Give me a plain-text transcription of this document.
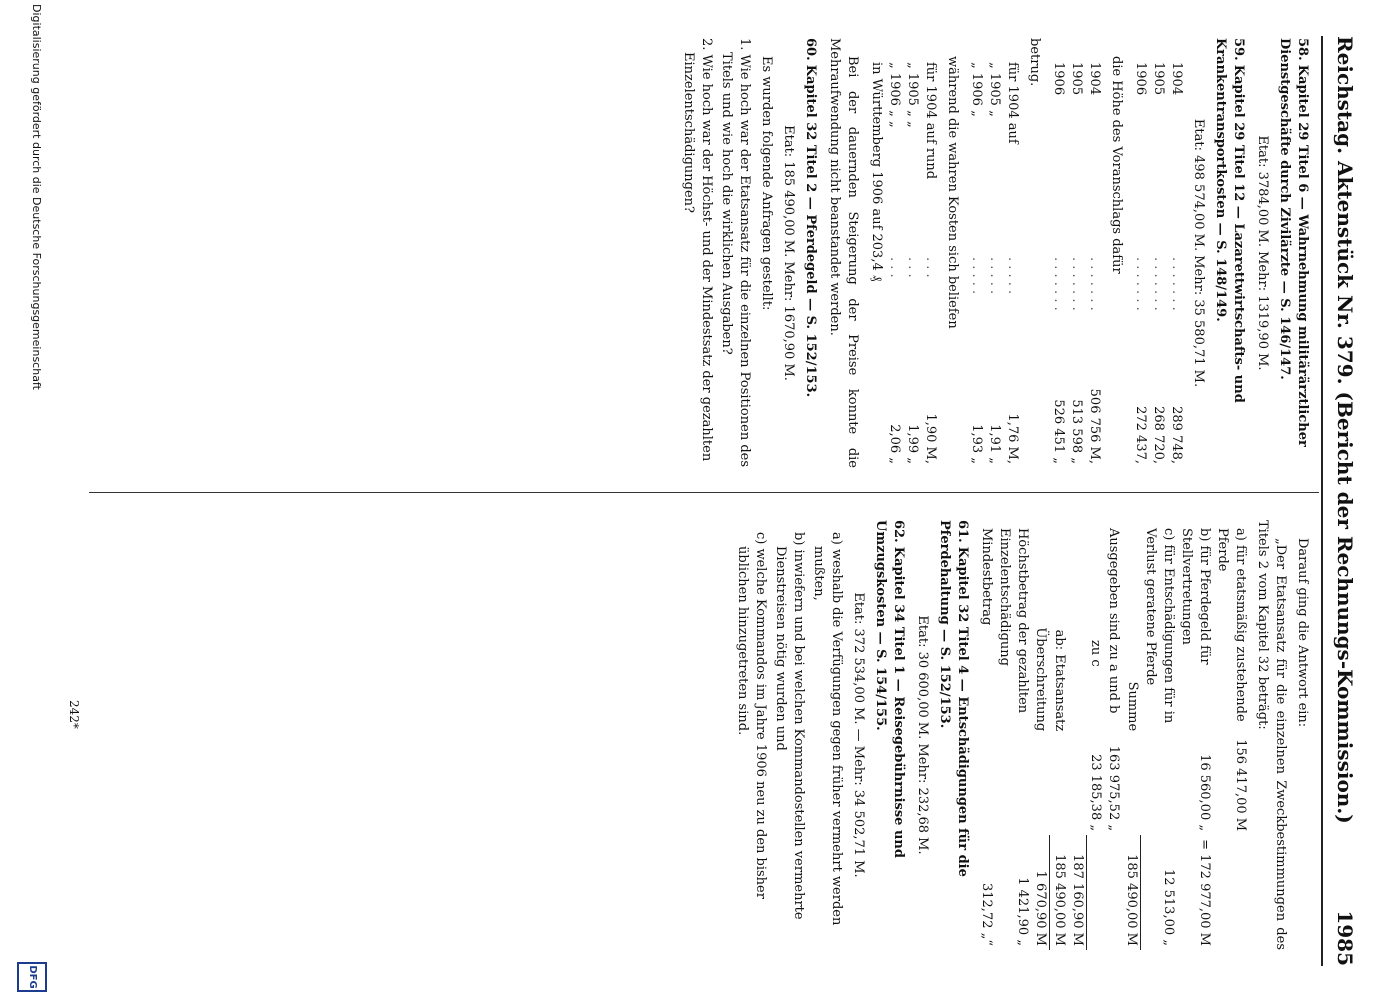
Reichstag. Aktenstück Nr. 379. (Bericht der Rechnungs-Kommission.)
1985
58. Kapitel 29 Titel 6 — Wahrnehmung militärärztlicher Dienstgeschäfte durch Zivilärzte — S. 146/147.
Etat: 3784,00 M. Mehr: 1319,90 M.
59. Kapitel 29 Titel 12 — Lazarettwirtschafts- und Krankentransportkosten — S. 148/149.
Etat: 498 574,00 M. Mehr: 35 580,71 M.
1904	. . . . . . .	289 748,
1905	. . . . . . .	268 720,
1906	. . . . . . .	272 437,

die Höhe des Voranschlags dafür

1904	. . . . . . .	506 756 M,
1905	. . . . . . .	513 598 „
1906	. . . . . . .	526 451 „

betrug.

für 1904 auf	. . . . .	1,76 M,
„ 1905 „	. . . . .	1,91 „
„ 1906 „	. . . . .	1,93 „

während die wahren Kosten sich beliefen

für 1904 auf rund	. . .	1,90 M,
„ 1905 „ „	. . .	1,99 „
„ 1906 „ „	. . .	2,06 „
in Württemberg 1906 auf 203,4 ₰		

Bei der dauernden Steigerung der Preise konnte die Mehraufwendung nicht beanstandet werden.

60. Kapitel 32 Titel 2 — Pferdegeld — S. 152/153.
Etat: 185 490,00 M. Mehr: 1670,90 M.

Es wurden folgende Anfragen gestellt:

1. Wie hoch war der Etatsansatz für die einzelnen Positionen des Titels und wie hoch die wirklichen Ausgaben?
2. Wie hoch war der Höchst- und der Mindestsatz der gezahlten Einzelentschädigungen?

Darauf ging die Antwort ein:

„Der Etatsansatz für die einzelnen Zweckbestimmungen des Titels 2 vom Kapitel 32 beträgt:

a) für etatsmäßig zustehende Pferde	156 417,00 M	
b) für Pferdegeld für Stellvertretungen	16 560,00 „	= 172 977,00 M
c) für Entschädigungen für in Verlust geratene Pferde		12 513,00 „
Summe		185 490,00 M
Ausgegeben sind zu a und b	163 975,52 „	
zu c	23 185,38 „	
		187 160,90 M
ab: Etatsansatz		185 490,00 M
Überschreitung		1 670,90 M
Höchstbetrag der gezahlten Einzelentschädigung		1 421,90 „
Mindestbetrag		312,72 „“
61. Kapitel 32 Titel 4 — Entschädigungen für die Pferdehaltung — S. 152/153.
Etat: 30 600,00 M. Mehr: 232,68 M.
62. Kapitel 34 Titel 1 — Reisegebührnisse und Umzugskosten — S. 154/155.
Etat: 372 534,00 M. — Mehr: 34 502,71 M.
a) weshalb die Verfügungen gegen früher vermehrt werden mußten,
b) inwiefern und bei welchen Kommandostellen vermehrte Dienstreisen nötig wurden und
c) welche Kommandos im Jahre 1906 neu zu den bisher üblichen hinzugetreten sind.
242*
Digitalisierung gefördert durch die Deutsche Forschungsgemeinschaft
DFG
